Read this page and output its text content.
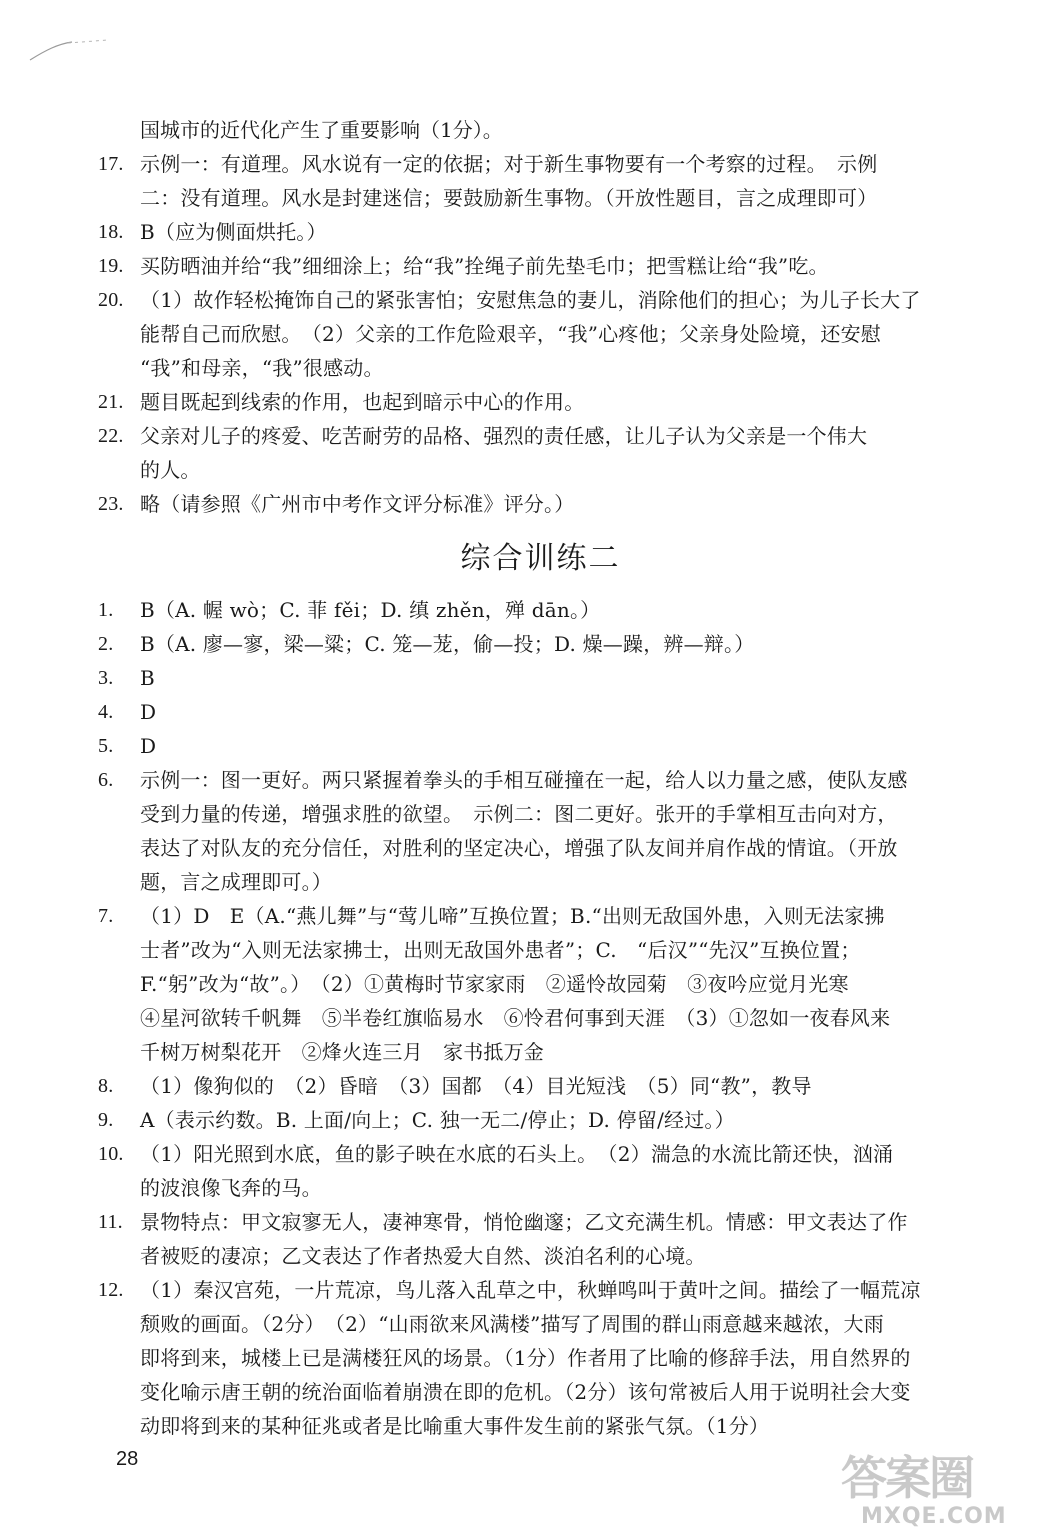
国城市的近代化产生了重要影响（1分）。
17. 示例一：有道理。风水说有一定的依据；对于新生事物要有一个考察的过程。　示例
二：没有道理。风水是封建迷信；要鼓励新生事物。（开放性题目，言之成理即可）
18. B（应为侧面烘托。）
19. 买防晒油并给“我”细细涂上；给“我”拴绳子前先垫毛巾；把雪糕让给“我”吃。
20. （1）故作轻松掩饰自己的紧张害怕；安慰焦急的妻儿，消除他们的担心；为儿子长大了
能帮自己而欣慰。　（2）父亲的工作危险艰辛，“我”心疼他；父亲身处险境，还安慰
“我”和母亲，“我”很感动。
21. 题目既起到线索的作用，也起到暗示中心的作用。
22. 父亲对儿子的疼爱、吃苦耐劳的品格、强烈的责任感，让儿子认为父亲是一个伟大
的人。
23. 略（请参照《广州市中考作文评分标准》评分。）
综合训练二
1.	B（A. 幄 wò；C. 菲 fěi；D. 缜 zhěn，殚 dān。）
2.	B（A. 廖—寥，梁—粱；C. 笼—茏，偷—投；D. 燥—躁，辨—辩。）
3.	B
4.	D
5.	D
6.	示例一：图一更好。两只紧握着拳头的手相互碰撞在一起，给人以力量之感，使队友感
受到力量的传递，增强求胜的欲望。　示例二：图二更好。张开的手掌相互击向对方，
表达了对队友的充分信任，对胜利的坚定决心，增强了队友间并肩作战的情谊。（开放
题，言之成理即可。）
7.	（1）D　E（A.“燕儿舞”与“莺儿啼”互换位置；B.“出则无敌国外患，入则无法家拂
士者”改为“入则无法家拂士，出则无敌国外患者”；C.　“后汉”“先汉”互换位置；
F.“躬”改为“故”。）　（2）①黄梅时节家家雨　②遥怜故园菊　③夜吟应觉月光寒
④星河欲转千帆舞　⑤半卷红旗临易水　⑥怜君何事到天涯　（3）①忽如一夜春风来
千树万树梨花开　②烽火连三月　家书抵万金
8.	（1）像狗似的　（2）昏暗　（3）国都　（4）目光短浅　（5）同“教”，教导
9.	A（表示约数。B. 上面/向上；C. 独一无二/停止；D. 停留/经过。）
10. （1）阳光照到水底，鱼的影子映在水底的石头上。　（2）湍急的水流比箭还快，汹涌
的波浪像飞奔的马。
11. 景物特点：甲文寂寥无人，凄神寒骨，悄怆幽邃；乙文充满生机。情感：甲文表达了作
者被贬的凄凉；乙文表达了作者热爱大自然、淡泊名利的心境。
12. （1）秦汉宫苑，一片荒凉，鸟儿落入乱草之中，秋蝉鸣叫于黄叶之间。描绘了一幅荒凉
颓败的画面。（2分）　（2）“山雨欲来风满楼”描写了周围的群山雨意越来越浓，大雨
即将到来，城楼上已是满楼狂风的场景。（1分）作者用了比喻的修辞手法，用自然界的
变化喻示唐王朝的统治面临着崩溃在即的危机。（2分）该句常被后人用于说明社会大变
动即将到来的某种征兆或者是比喻重大事件发生前的紧张气氛。（1分）
28	答案圈
MXQE.COM
